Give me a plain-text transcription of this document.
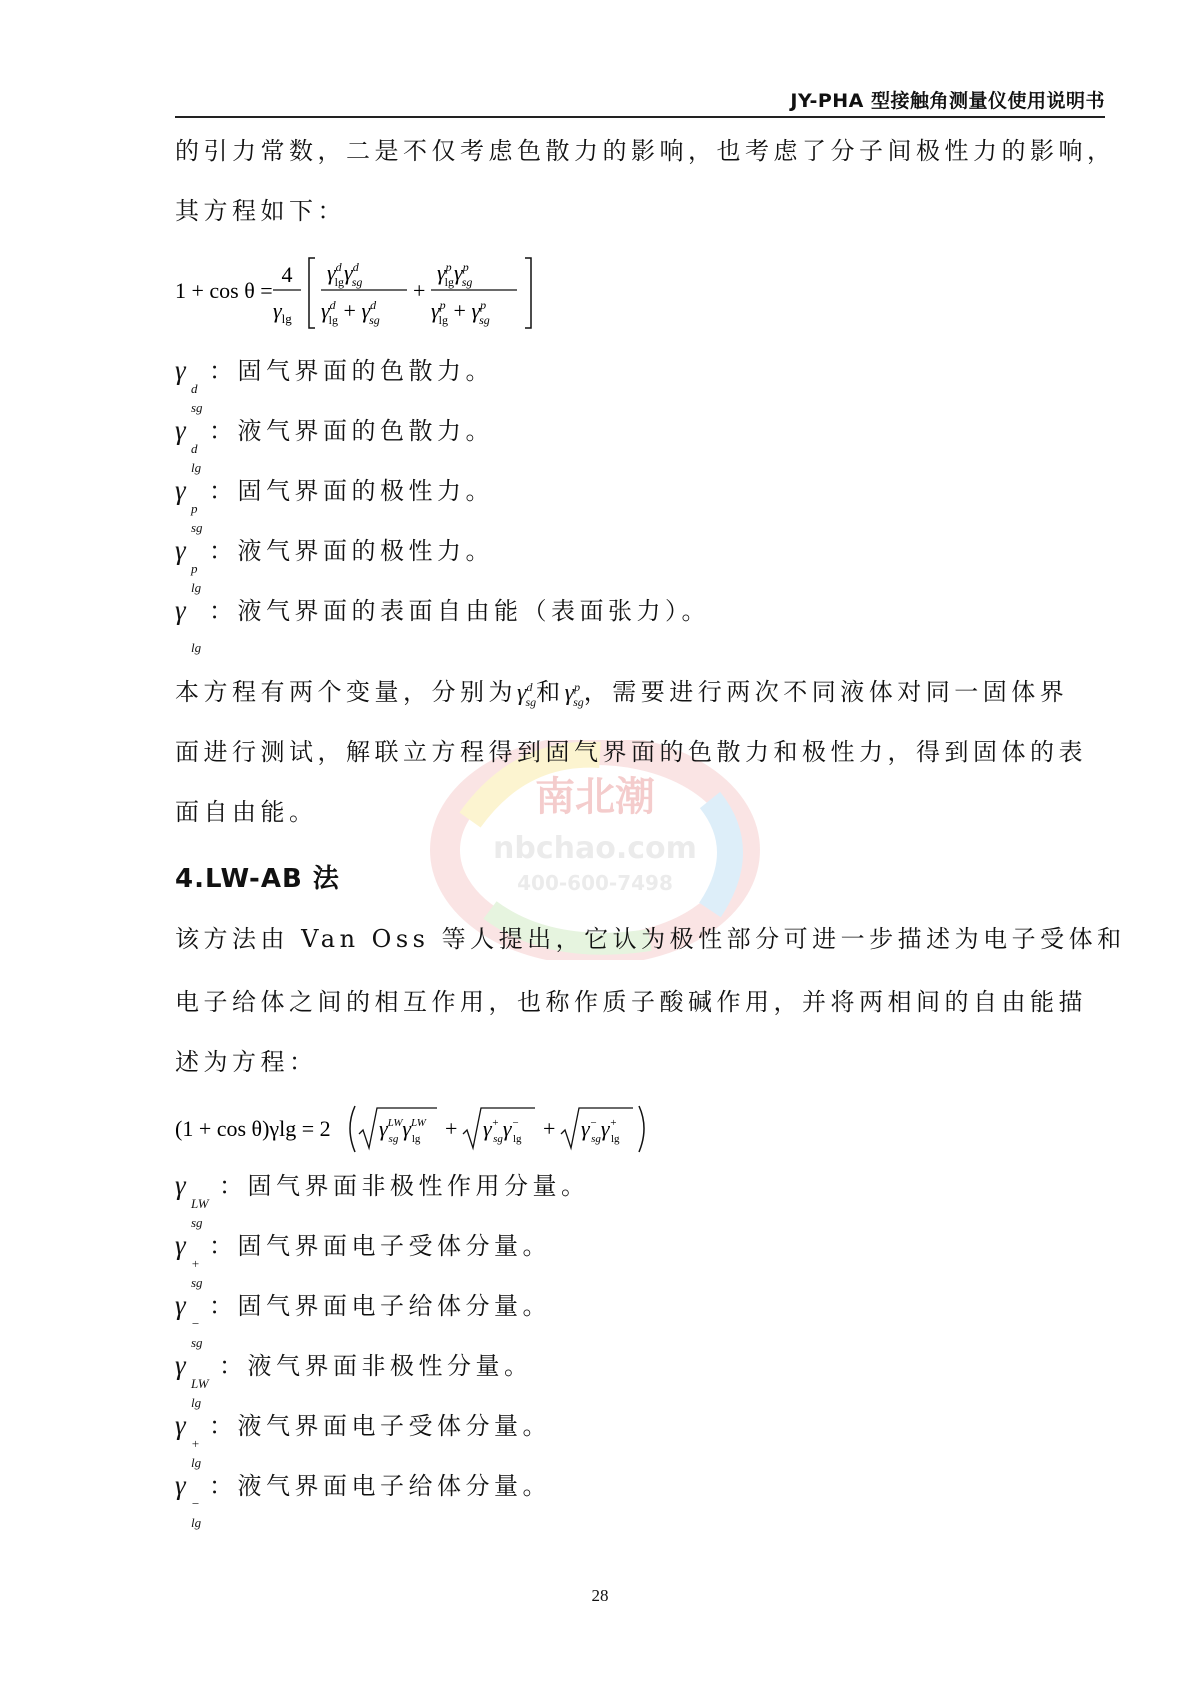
JY-PHA 型接触角测量仪使用说明书
南北潮
nbchao.com
400-600-7498
的引力常数，二是不仅考虑色散力的影响，也考虑了分子间极性力的影响，
其方程如下：
1 + cos θ =
4
$\gamma_{lg}$
$\gamma^d$ lgγ$^d$ sg
$\gamma^d$ $\lg + \gamma^d$ sg
+
$\gamma^p$ lgγ$^p$ sg
$\gamma^p$ $\lg + \gamma^p$ sg
γ
d
sg
：固气界面的色散力。
γ
d
lg
：液气界面的色散力。
γ
p
sg
：固气界面的极性力。
γ
p
lg
：液气界面的极性力。
γ
lg
：液气界面的表面自由能（表面张力）。
本方程有两个变量，分别为$\gamma^d_{sg}$和$\gamma^p_{sg}$，需要进行两次不同液体对同一固体界
面进行测试，解联立方程得到固气界面的色散力和极性力，得到固体的表
面自由能。
4.LW-AB 法
该方法由 Van Oss 等人提出，它认为极性部分可进一步描述为电子受体和
电子给体之间的相互作用，也称作质子酸碱作用，并将两相间的自由能描
述为方程：
(1 + cos θ)γlg = 2 $\gamma^{LW}$ sg $\gamma^{LW}$ lg + γ+ sgγ− lg + γ− sgγ+ lg
γ
LW
sg
：固气界面非极性作用分量。
γ
+
sg
：固气界面电子受体分量。
γ
−
sg
：固气界面电子给体分量。
γ
LW
lg
：液气界面非极性分量。
γ
+
lg
：液气界面电子受体分量。
γ
−
lg
：液气界面电子给体分量。
28
